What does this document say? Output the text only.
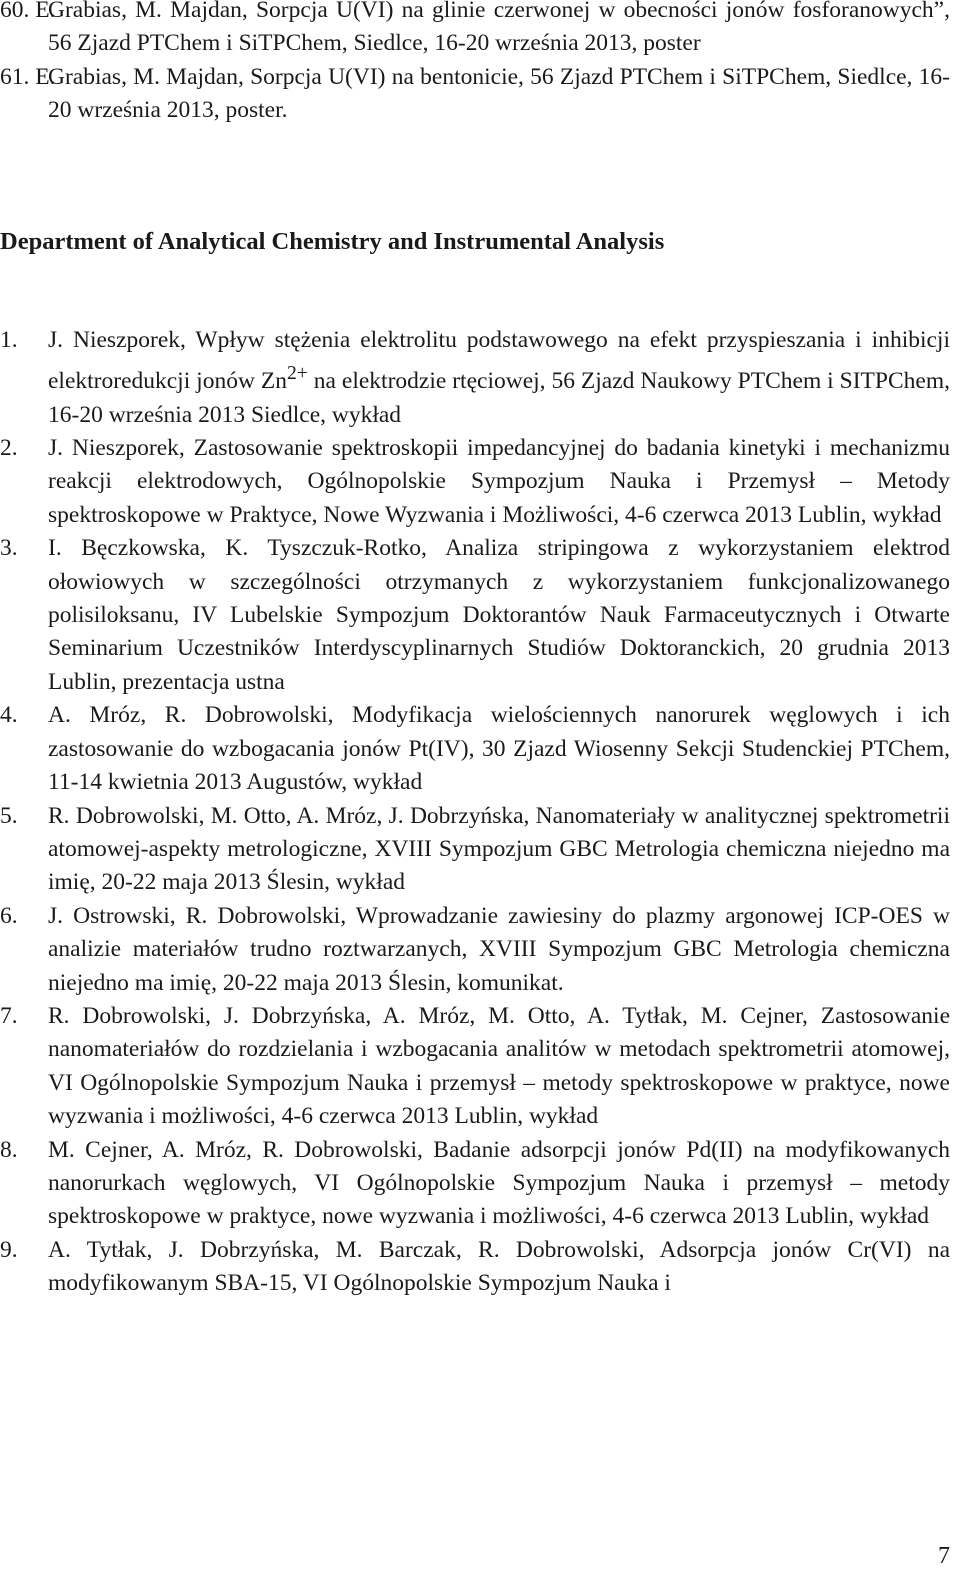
60. E.
Grabias, M. Majdan, Sorpcja U(VI) na glinie czerwonej w obecności jonów fosforanowych”, 56 Zjazd PTChem i SiTPChem, Siedlce, 16-20 września 2013, poster
61. E.
Grabias, M. Majdan, Sorpcja U(VI) na bentonicie, 56 Zjazd PTChem i SiTPChem, Siedlce, 16-20 września 2013, poster.
Department of Analytical Chemistry and Instrumental Analysis
1.	J. Nieszporek, Wpływ stężenia elektrolitu podstawowego na efekt przyspieszania i inhibicji elektroredukcji jonów $Zn^{2+}$ na elektrodzie rtęciowej, 56 Zjazd Naukowy PTChem i SITPChem, 16-20 września 2013 Siedlce, wykład
2.	J. Nieszporek, Zastosowanie spektroskopii impedancyjnej do badania kinetyki i mechanizmu reakcji elektrodowych, Ogólnopolskie Sympozjum Nauka i Przemysł – Metody spektroskopowe w Praktyce, Nowe Wyzwania i Możliwości, 4-6 czerwca 2013 Lublin, wykład
3.	I. Bęczkowska, K. Tyszczuk-Rotko, Analiza stripingowa z wykorzystaniem elektrod ołowiowych w szczególności otrzymanych z wykorzystaniem funkcjonalizowanego polisiloksanu, IV Lubelskie Sympozjum Doktorantów Nauk Farmaceutycznych i Otwarte Seminarium Uczestników Interdyscyplinarnych Studiów Doktoranckich, 20 grudnia 2013 Lublin, prezentacja ustna
4.	A. Mróz, R. Dobrowolski, Modyfikacja wielościennych nanorurek węglowych i ich zastosowanie do wzbogacania jonów Pt(IV), 30 Zjazd Wiosenny Sekcji Studenckiej PTChem, 11-14 kwietnia 2013 Augustów, wykład
5.	R. Dobrowolski, M. Otto, A. Mróz, J. Dobrzyńska, Nanomateriały w analitycznej spektrometrii atomowej-aspekty metrologiczne, XVIII Sympozjum GBC Metrologia chemiczna niejedno ma imię, 20-22 maja 2013 Ślesin, wykład
6.	J. Ostrowski, R. Dobrowolski, Wprowadzanie zawiesiny do plazmy argonowej ICP-OES w analizie materiałów trudno roztwarzanych, XVIII Sympozjum GBC Metrologia chemiczna niejedno ma imię, 20-22 maja 2013 Ślesin, komunikat.
7.	R. Dobrowolski, J. Dobrzyńska, A. Mróz, M. Otto, A. Tytłak, M. Cejner, Zastosowanie nanomateriałów do rozdzielania i wzbogacania analitów w metodach spektrometrii atomowej, VI Ogólnopolskie Sympozjum Nauka i przemysł – metody spektroskopowe w praktyce, nowe wyzwania i możliwości, 4-6 czerwca 2013 Lublin, wykład
8.	M. Cejner, A. Mróz, R. Dobrowolski, Badanie adsorpcji jonów Pd(II) na modyfikowanych nanorurkach węglowych, VI Ogólnopolskie Sympozjum Nauka i przemysł – metody spektroskopowe w praktyce, nowe wyzwania i możliwości, 4-6 czerwca 2013 Lublin, wykład
9.	A. Tytłak, J. Dobrzyńska, M. Barczak, R. Dobrowolski, Adsorpcja jonów Cr(VI) na modyfikowanym SBA-15, VI Ogólnopolskie Sympozjum Nauka i
7
